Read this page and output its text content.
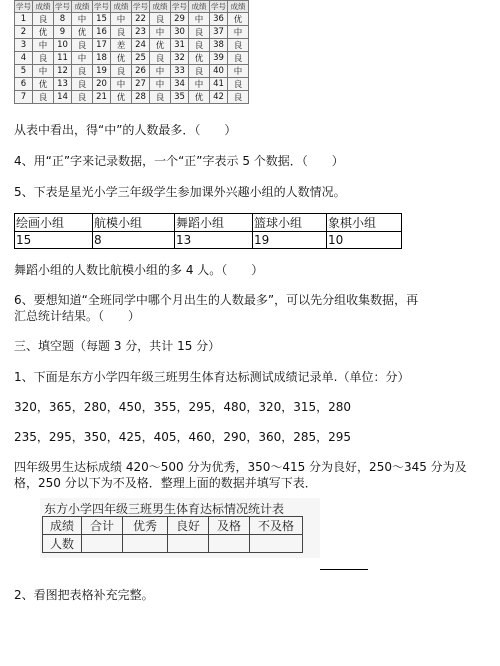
学号	成绩	学号	成绩	学号	成绩	学号	成绩	学号	成绩	学号	成绩
1	良	8	中	15	中	22	良	29	中	36	优
2	优	9	优	16	良	23	中	30	良	37	中
3	中	10	良	17	差	24	优	31	良	38	良
4	良	11	中	18	优	25	良	32	优	39	良
5	中	12	良	19	良	26	中	33	良	40	中
6	优	13	良	20	中	27	中	34	中	41	良
7	良	14	良	21	优	28	良	35	优	42	良
从表中看出，得“中”的人数最多．（　　）
4、用“正”字来记录数据，一个“正”字表示 5 个数据．（　　）
5、下表是星光小学三年级学生参加课外兴趣小组的人数情况。
绘画小组	航模小组	舞蹈小组	篮球小组	象棋小组
15	8	13	19	10
舞蹈小组的人数比航模小组的多 4 人。（　　）
6、要想知道“全班同学中哪个月出生的人数最多”，可以先分组收集数据，再
汇总统计结果。（　　）
三、填空题（每题 3 分，共计 15 分）
1、下面是东方小学四年级三班男生体育达标测试成绩记录单.（单位：分）
320，365，280，450，355，295，480，320，315，280
235，295，350，425，405，460，290，360，285，295
四年级男生达标成绩 420～500 分为优秀，350～415 分为良好，250～345 分为及
格，250 分以下为不及格．整理上面的数据并填写下表．
东方小学四年级三班男生体育达标情况统计表
成绩	合计	优秀	良好	及格	不及格
人数					
2、看图把表格补充完整。
